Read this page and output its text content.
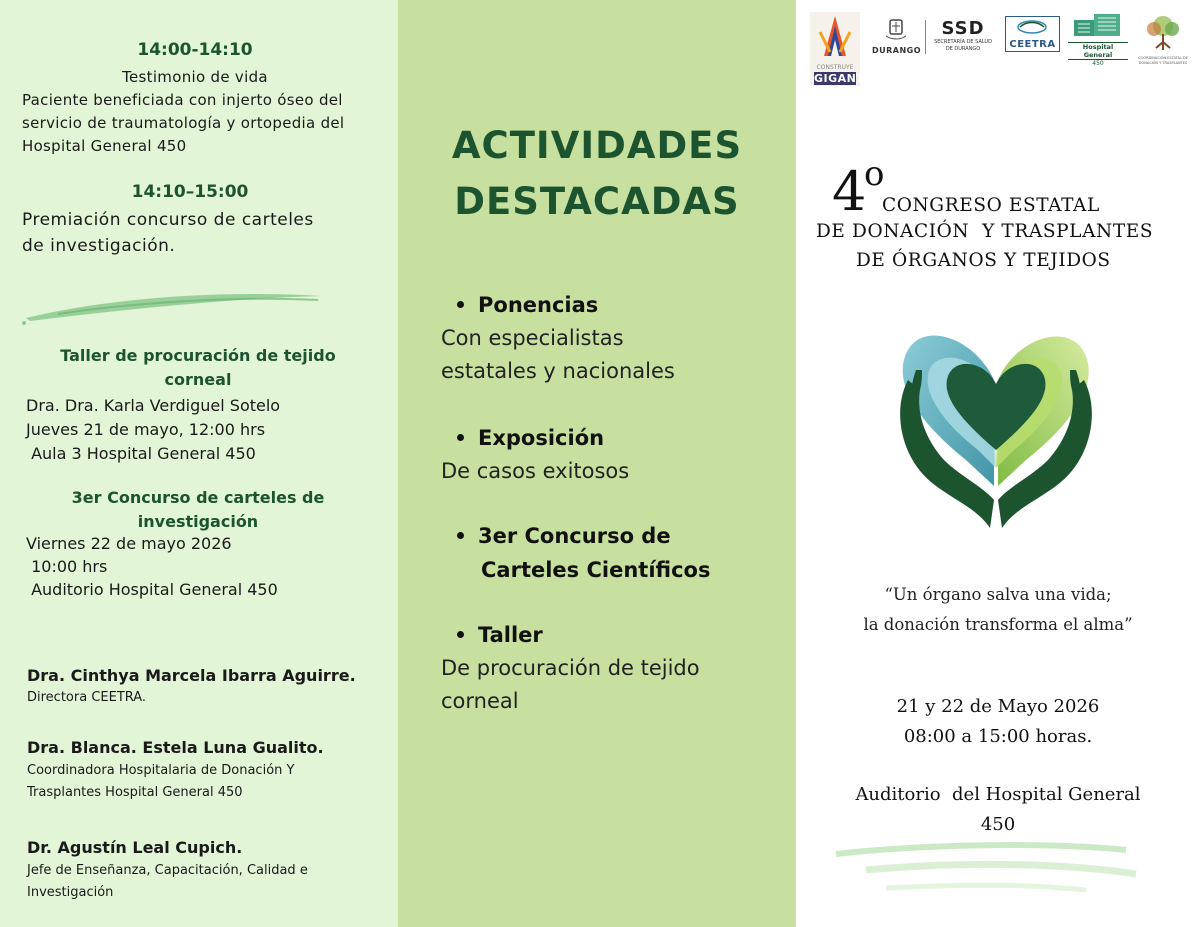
14:00-14:10
Testimonio de vida
Paciente beneficiada con injerto óseo del
servicio de traumatología y ortopedia del
Hospital General 450
14:10–15:00
Premiación concurso de carteles
de investigación.
Taller de procuración de tejido
corneal
Dra. Dra. Karla Verdiguel Sotelo
Jueves 21 de mayo, 12:00 hrs
Aula 3 Hospital General 450
3er Concurso de carteles de
investigación
Viernes 22 de mayo 2026
10:00 hrs
Auditorio Hospital General 450
Dra. Cinthya Marcela Ibarra Aguirre.
Directora CEETRA.
Dra. Blanca. Estela Luna Gualito.
Coordinadora Hospitalaria de Donación Y
Trasplantes Hospital General 450
Dr. Agustín Leal Cupich.
Jefe de Enseñanza, Capacitación, Calidad e
Investigación
ACTIVIDADES
DESTACADAS
Ponencias
Con especialistas
estatales y nacionales
Exposición
De casos exitosos
3er Concurso de
Carteles Científicos
Taller
De procuración de tejido
corneal
CONSTRUYE
GIGANTE
DURANGO
SSD
SECRETARÍA DE SALUD
DE DURANGO	CEETRA	Hospital General
450
COORDINACIÓN ESTATAL DE DONACIÓN Y TRASPLANTES
4
o
CONGRESO ESTATAL
DE DONACIÓN  Y TRASPLANTES
DE ÓRGANOS Y TEJIDOS
“Un órgano salva una vida;
la donación transforma el alma”
21 y 22 de Mayo 2026
08:00 a 15:00 horas.
Auditorio  del Hospital General
450
